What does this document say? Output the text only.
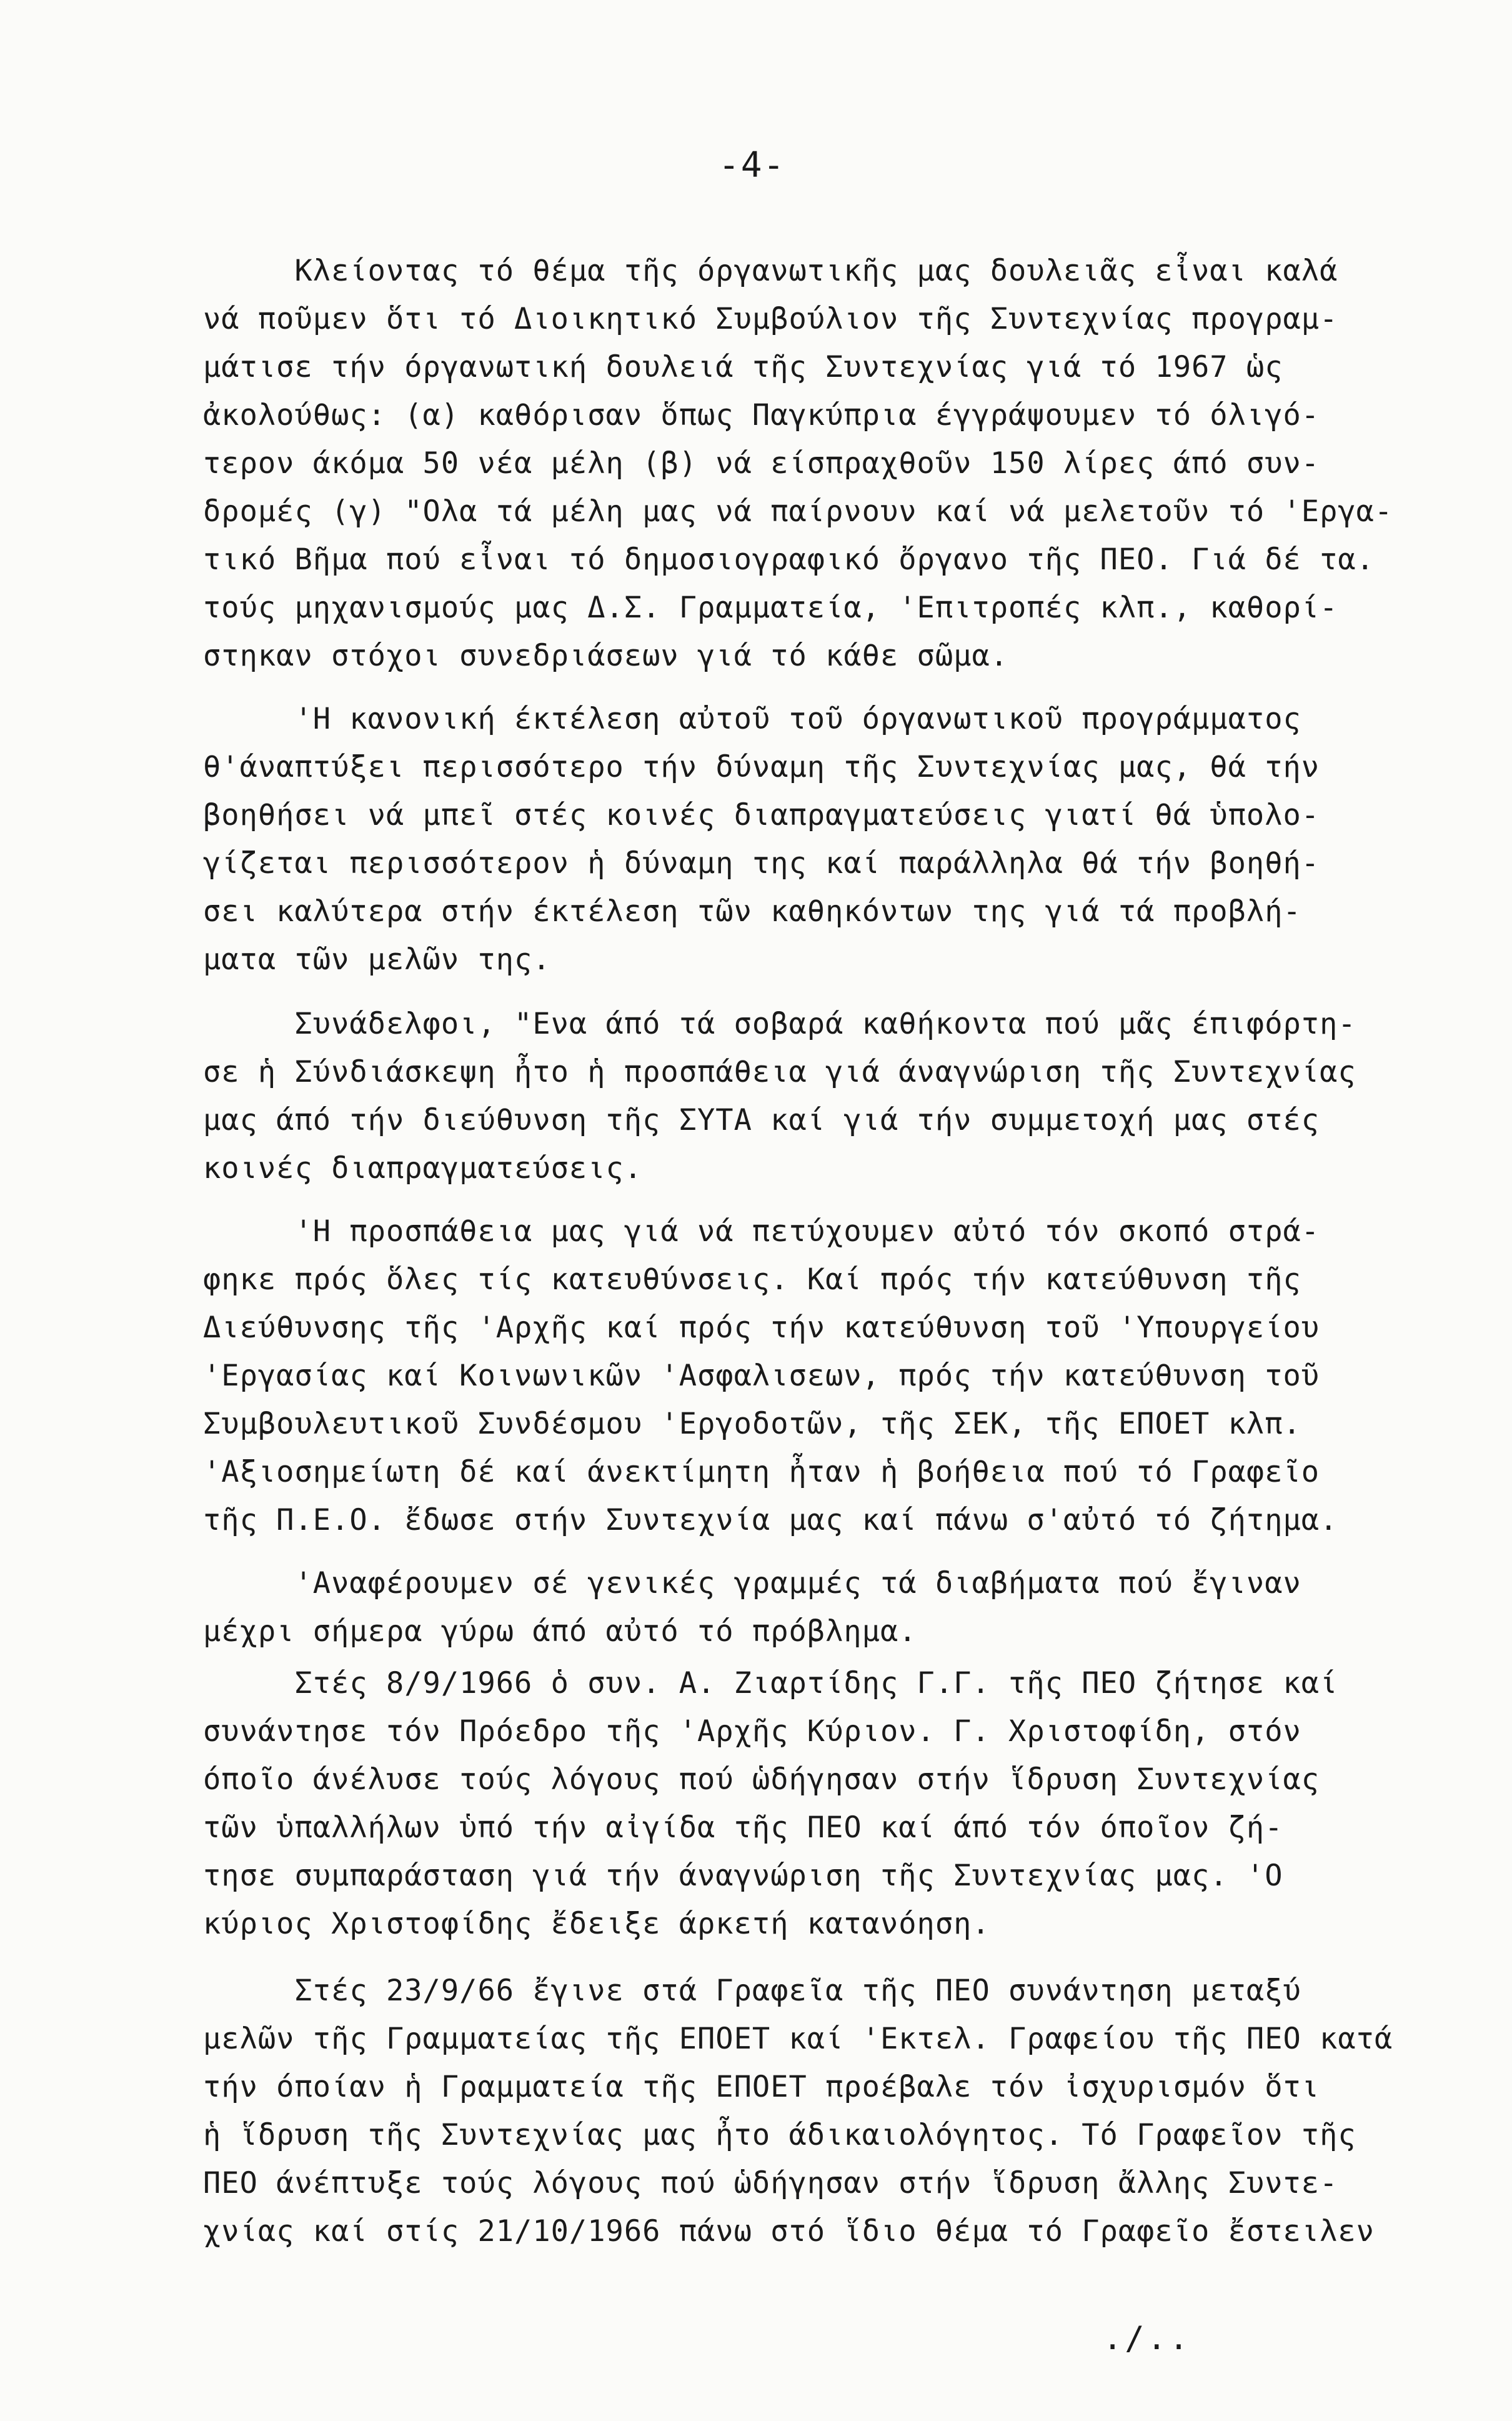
-4-
Κλείοντας τό θέμα τῆς όργανωτικῆς μας δουλειᾶς εἶναι καλά
νά ποῦμεν ὅτι τό Διοικητικό Συμβούλιον τῆς Συντεχνίας προγραμ-
μάτισε τήν όργανωτική δουλειά τῆς Συντεχνίας γιά τό 1967 ὡς
ἀκολούθως: (α) καθόρισαν ὅπως Παγκύπρια έγγράψουμεν τό όλιγό-
τερον άκόμα 50 νέα μέλη (β) νά είσπραχθοῦν 150 λίρες άπό συν-
δρομές (γ) "Ολα τά μέλη μας νά παίρνουν καί νά μελετοῦν τό 'Εργα-
τικό Βῆμα πού εἶναι τό δημοσιογραφικό ὄργανο τῆς ΠΕΟ. Γιά δέ τα.
τούς μηχανισμούς μας Δ.Σ. Γραμματεία, 'Επιτροπές κλπ., καθορί-
στηκαν στόχοι συνεδριάσεων γιά τό κάθε σῶμα.
'Η κανονική έκτέλεση αὐτοῦ τοῦ όργανωτικοῦ προγράμματος
θ'άναπτύξει περισσότερο τήν δύναμη τῆς Συντεχνίας μας, θά τήν
βοηθήσει νά μπεῖ στές κοινές διαπραγματεύσεις γιατί θά ὑπολο-
γίζεται περισσότερον ἡ δύναμη της καί παράλληλα θά τήν βοηθή-
σει καλύτερα στήν έκτέλεση τῶν καθηκόντων της γιά τά προβλή-
ματα τῶν μελῶν της.
Συνάδελφοι, "Ενα άπό τά σοβαρά καθήκοντα πού μᾶς έπιφόρτη-
σε ἡ Σύνδιάσκεψη ἦτο ἡ προσπάθεια γιά άναγνώριση τῆς Συντεχνίας
μας άπό τήν διεύθυνση τῆς ΣΥΤΑ καί γιά τήν συμμετοχή μας στές
κοινές διαπραγματεύσεις.
'Η προσπάθεια μας γιά νά πετύχουμεν αὐτό τόν σκοπό στρά-
φηκε πρός ὅλες τίς κατευθύνσεις. Καί πρός τήν κατεύθυνση τῆς
Διεύθυνσης τῆς 'Αρχῆς καί πρός τήν κατεύθυνση τοῦ 'Υπουργείου
'Εργασίας καί Κοινωνικῶν 'Ασφαλισεων, πρός τήν κατεύθυνση τοῦ
Συμβουλευτικοῦ Συνδέσμου 'Εργοδοτῶν, τῆς ΣΕΚ, τῆς ΕΠΟΕΤ κλπ.
'Αξιοσημείωτη δέ καί άνεκτίμητη ἦταν ἡ βοήθεια πού τό Γραφεῖο
τῆς Π.Ε.Ο. ἔδωσε στήν Συντεχνία μας καί πάνω σ'αὐτό τό ζήτημα.
'Αναφέρουμεν σέ γενικές γραμμές τά διαβήματα πού ἔγιναν
μέχρι σήμερα γύρω άπό αὐτό τό πρόβλημα.
Στές 8/9/1966 ὁ συν. Α. Ζιαρτίδης Γ.Γ. τῆς ΠΕΟ ζήτησε καί
συνάντησε τόν Πρόεδρο τῆς 'Αρχῆς Κύριον. Γ. Χριστοφίδη, στόν
όποῖο άνέλυσε τούς λόγους πού ὡδήγησαν στήν ἵδρυση Συντεχνίας
τῶν ὑπαλλήλων ὑπό τήν αἰγίδα τῆς ΠΕΟ καί άπό τόν όποῖον ζή-
τησε συμπαράσταση γιά τήν άναγνώριση τῆς Συντεχνίας μας. 'Ο
κύριος Χριστοφίδης ἔδειξε άρκετή κατανόηση.
Στές 23/9/66 ἔγινε στά Γραφεῖα τῆς ΠΕΟ συνάντηση μεταξύ
μελῶν τῆς Γραμματείας τῆς ΕΠΟΕΤ καί 'Εκτελ. Γραφείου τῆς ΠΕΟ κατά
τήν όποίαν ἡ Γραμματεία τῆς ΕΠΟΕΤ προέβαλε τόν ἰσχυρισμόν ὅτι
ἡ ἵδρυση τῆς Συντεχνίας μας ἦτο άδικαιολόγητος. Τό Γραφεῖον τῆς
ΠΕΟ άνέπτυξε τούς λόγους πού ὡδήγησαν στήν ἵδρυση ἄλλης Συντε-
χνίας καί στίς 21/10/1966 πάνω στό ἵδιο θέμα τό Γραφεῖο ἔστειλεν
./..
